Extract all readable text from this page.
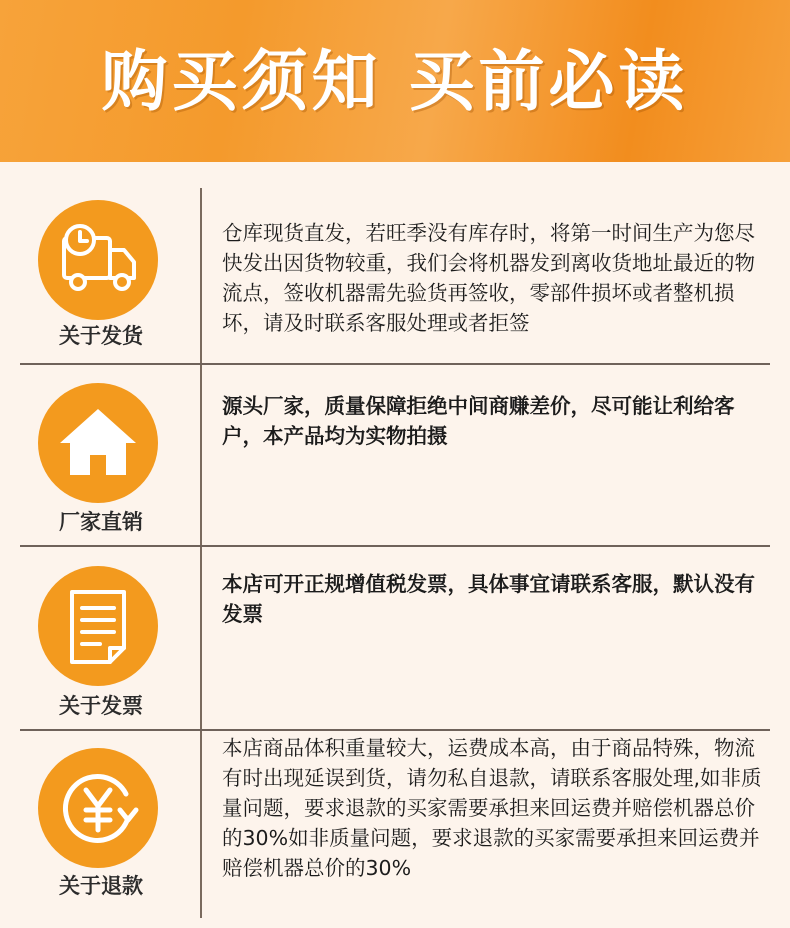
购买须知 买前必读
关于发货
仓库现货直发，若旺季没有库存时，将第一时间生产为您尽快发出因货物较重，我们会将机器发到离收货地址最近的物流点，签收机器需先验货再签收，零部件损坏或者整机损坏，请及时联系客服处理或者拒签
厂家直销
源头厂家，质量保障拒绝中间商赚差价，尽可能让利给客户，本产品均为实物拍摄
关于发票
本店可开正规增值税发票，具体事宜请联系客服，默认没有发票
关于退款
本店商品体积重量较大，运费成本高，由于商品特殊，物流有时出现延误到货，请勿私自退款，请联系客服处理,如非质量问题，要求退款的买家需要承担来回运费并赔偿机器总价的30%如非质量问题，要求退款的买家需要承担来回运费并赔偿机器总价的30%
